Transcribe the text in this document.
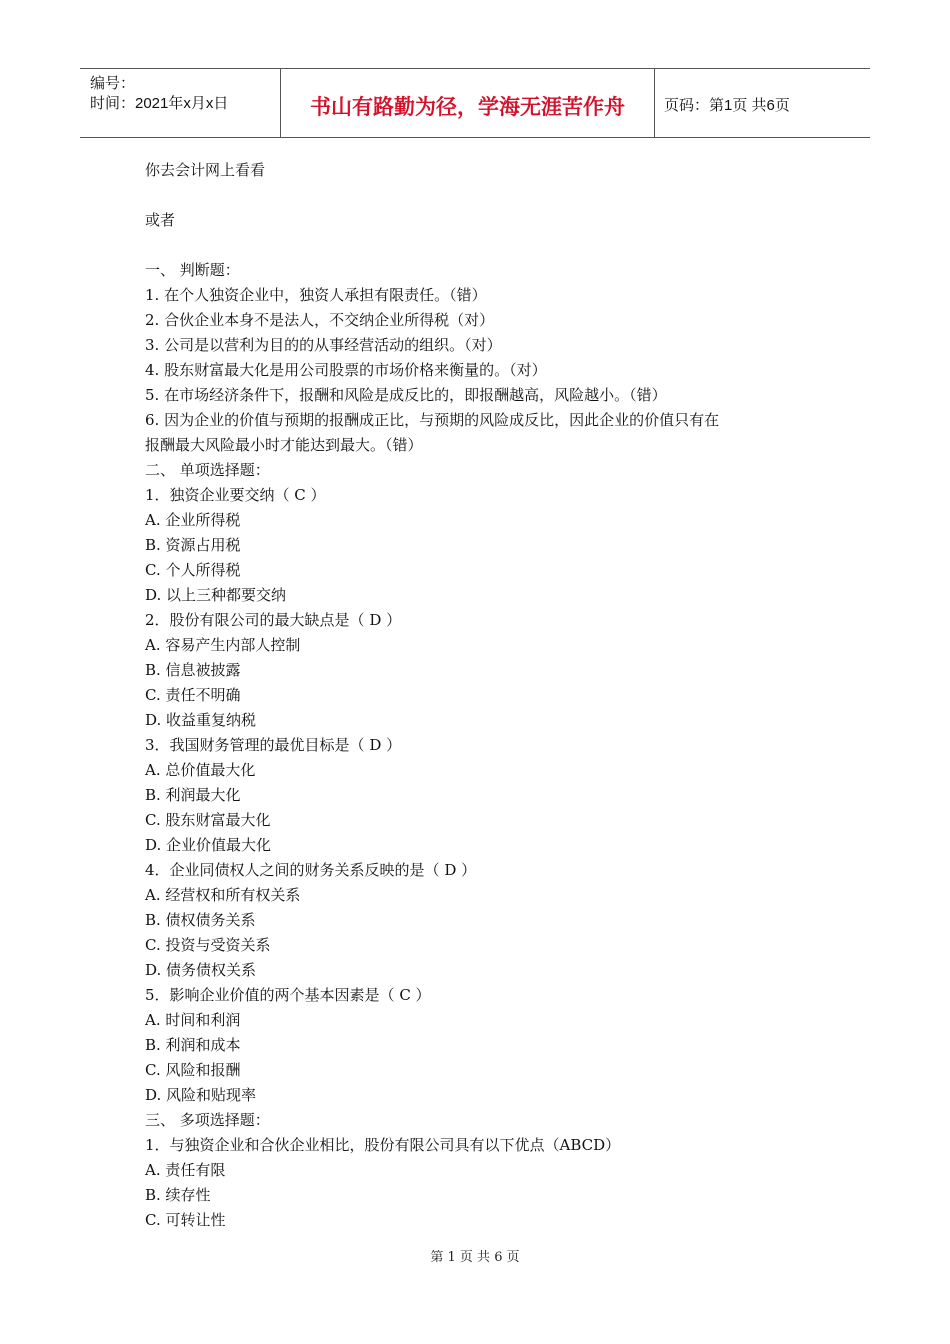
编号：
时间：2021年x月x日	书山有路勤为径，学海无涯苦作舟	页码：第1页 共6页
你去会计网上看看
或者
一、 判断题：
1. 在个人独资企业中，独资人承担有限责任。（错）
2. 合伙企业本身不是法人，不交纳企业所得税（对）
3. 公司是以营利为目的的从事经营活动的组织。（对）
4. 股东财富最大化是用公司股票的市场价格来衡量的。（对）
5. 在市场经济条件下，报酬和风险是成反比的，即报酬越高，风险越小。（错）
6. 因为企业的价值与预期的报酬成正比，与预期的风险成反比，因此企业的价值只有在
报酬最大风险最小时才能达到最大。（错）
二、 单项选择题：
1．独资企业要交纳（ C ）
A. 企业所得税
B. 资源占用税
C. 个人所得税
D. 以上三种都要交纳
2．股份有限公司的最大缺点是（ D ）
A. 容易产生内部人控制
B. 信息被披露
C. 责任不明确
D. 收益重复纳税
3．我国财务管理的最优目标是（ D ）
A. 总价值最大化
B. 利润最大化
C. 股东财富最大化
D. 企业价值最大化
4．企业同债权人之间的财务关系反映的是（ D ）
A. 经营权和所有权关系
B. 债权债务关系
C. 投资与受资关系
D. 债务债权关系
5．影响企业价值的两个基本因素是（ C ）
A. 时间和利润
B. 利润和成本
C. 风险和报酬
D. 风险和贴现率
三、 多项选择题：
1．与独资企业和合伙企业相比，股份有限公司具有以下优点（ABCD）
A. 责任有限
B. 续存性
C. 可转让性
第 1 页 共 6 页
